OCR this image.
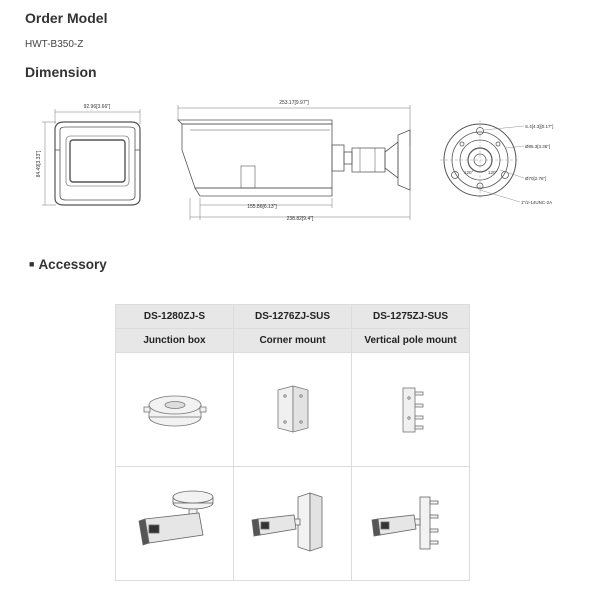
Order Model
HWT-B350-Z
Dimension
92.96[3.66"]
84.49[3.33"]
253.17[9.97"]
155.86[6.13"]
238.82[9.4"]
120°	120°
S.4[4.3][0.17"]
Ø85.3[3.36"]
Ø70[2.76"]
1"/2-14UNC-2A
■ Accessory
DS-1280ZJ-S	DS-1276ZJ-SUS	DS-1275ZJ-SUS
Junction box	Corner mount	Vertical pole mount
